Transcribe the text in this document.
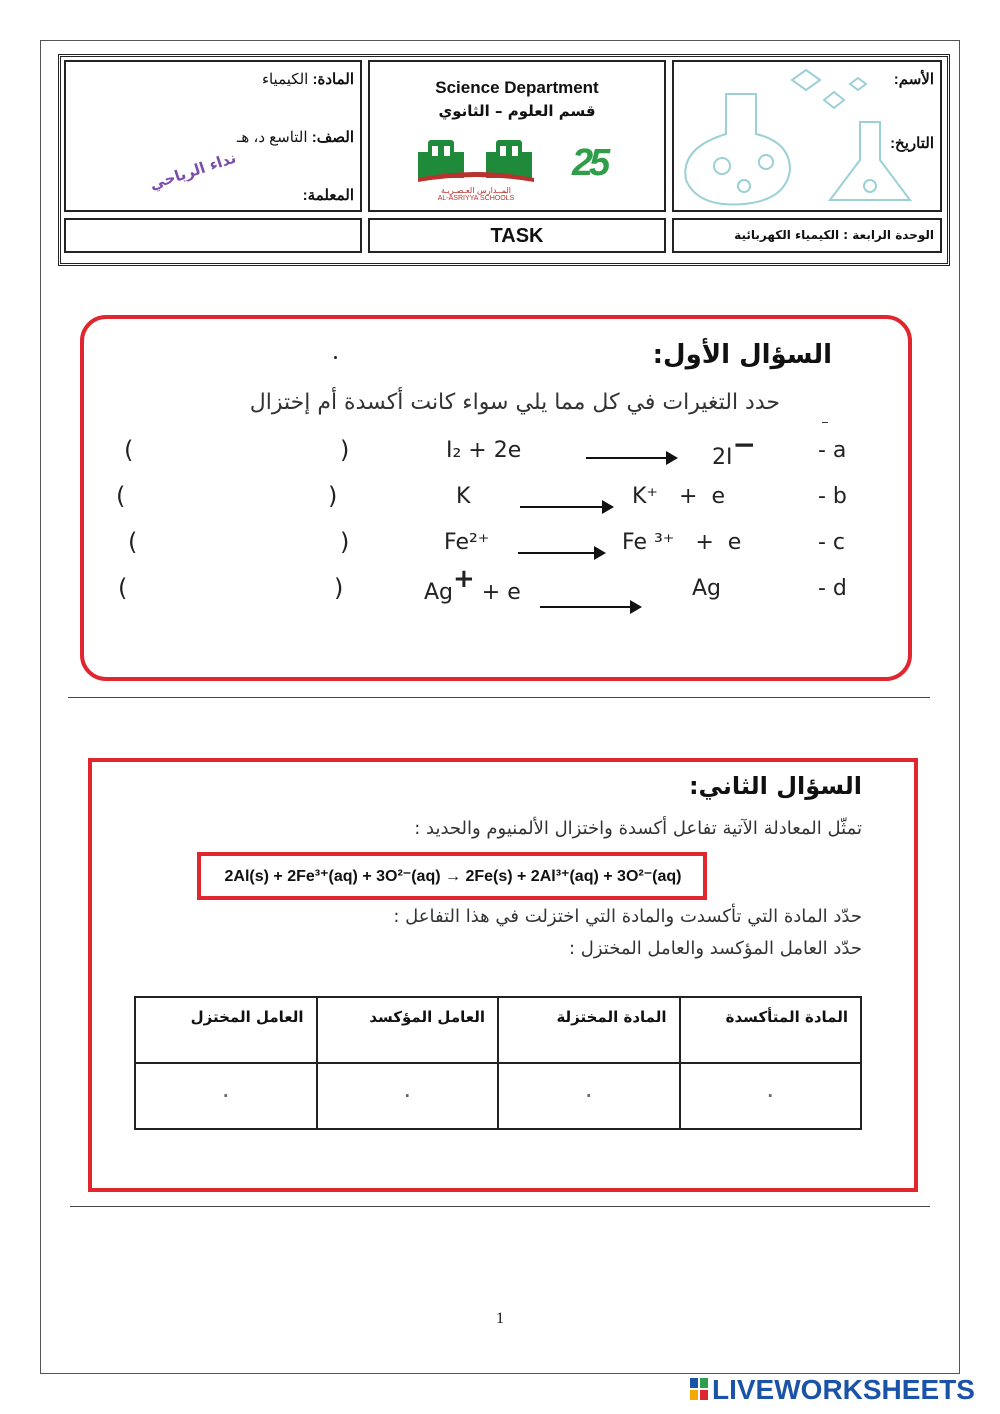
المادة: الكيمياء
الصف: التاسع د، هـ
نداء الرياحي
المعلمة:
Science Department
قسم العلوم – الثانوي
المــدارس العـصـريـة
AL-ASRIYYA SCHOOLS
25
الأسم:
التاريخ:
TASK	الوحدة الرابعة : الكيمياء الكهربائية
السؤال الأول:
حدد التغيرات في كل مما يلي سواء كانت أكسدة أم إختزال
(	)	I₂ + 2e	2I−	- a
(	)	K	K⁺   +  e	- b
(	)	Fe²⁺	Fe ³⁺   +  e	- c
(	)	Ag+ + e	Ag	- d
السؤال الثاني:
تمثّل المعادلة الآتية تفاعل أكسدة واختزال الألمنيوم والحديد :
2Al(s) + 2Fe³⁺(aq) + 3O²⁻(aq) → 2Fe(s) + 2Al³⁺(aq) + 3O²⁻(aq)
حدّد المادة التي تأكسدت والمادة التي اختزلت في هذا التفاعل :
حدّد العامل المؤكسد والعامل المختزل :
العامل المختزل	العامل المؤكسد	المادة المختزلة	المادة المتأكسدة
·	·	·	·
1
LIVEWORKSHEETS
